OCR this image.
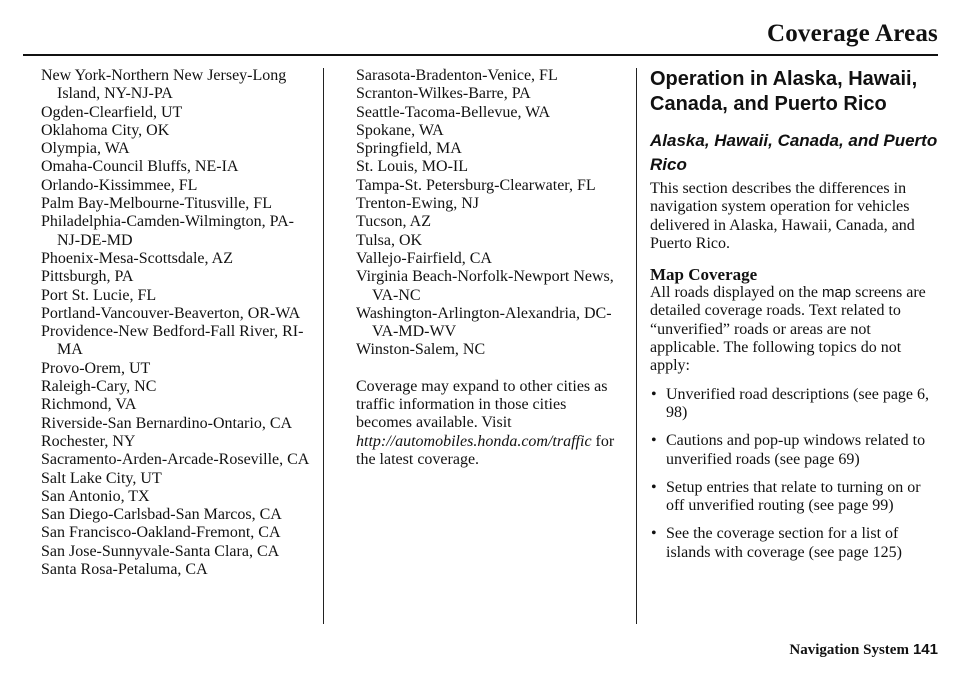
Coverage Areas
New York-Northern New Jersey-Long Island, NY-NJ-PA
Ogden-Clearfield, UT
Oklahoma City, OK
Olympia, WA
Omaha-Council Bluffs, NE-IA
Orlando-Kissimmee, FL
Palm Bay-Melbourne-Titusville, FL
Philadelphia-Camden-Wilmington, PA-NJ-DE-MD
Phoenix-Mesa-Scottsdale, AZ
Pittsburgh, PA
Port St. Lucie, FL
Portland-Vancouver-Beaverton, OR-WA
Providence-New Bedford-Fall River, RI-MA
Provo-Orem, UT
Raleigh-Cary, NC
Richmond, VA
Riverside-San Bernardino-Ontario, CA
Rochester, NY
Sacramento-Arden-Arcade-Roseville, CA
Salt Lake City, UT
San Antonio, TX
San Diego-Carlsbad-San Marcos, CA
San Francisco-Oakland-Fremont, CA
San Jose-Sunnyvale-Santa Clara, CA
Santa Rosa-Petaluma, CA
Sarasota-Bradenton-Venice, FL
Scranton-Wilkes-Barre, PA
Seattle-Tacoma-Bellevue, WA
Spokane, WA
Springfield, MA
St. Louis, MO-IL
Tampa-St. Petersburg-Clearwater, FL
Trenton-Ewing, NJ
Tucson, AZ
Tulsa, OK
Vallejo-Fairfield, CA
Virginia Beach-Norfolk-Newport News, VA-NC
Washington-Arlington-Alexandria, DC-VA-MD-WV
Winston-Salem, NC
Coverage may expand to other cities as traffic information in those cities becomes available. Visit http://automobiles.honda.com/traffic for the latest coverage.
Operation in Alaska, Hawaii, Canada, and Puerto Rico
Alaska, Hawaii, Canada, and Puerto Rico
This section describes the differences in navigation system operation for vehicles delivered in Alaska, Hawaii, Canada, and Puerto Rico.
Map Coverage
All roads displayed on the map screens are detailed coverage roads. Text related to “unverified” roads or areas are not applicable. The following topics do not apply:
• Unverified road descriptions (see page 6, 98)
• Cautions and pop-up windows related to unverified roads (see page 69)
• Setup entries that relate to turning on or off unverified routing (see page 99)
• See the coverage section for a list of islands with coverage (see page 125)
Navigation System 141
